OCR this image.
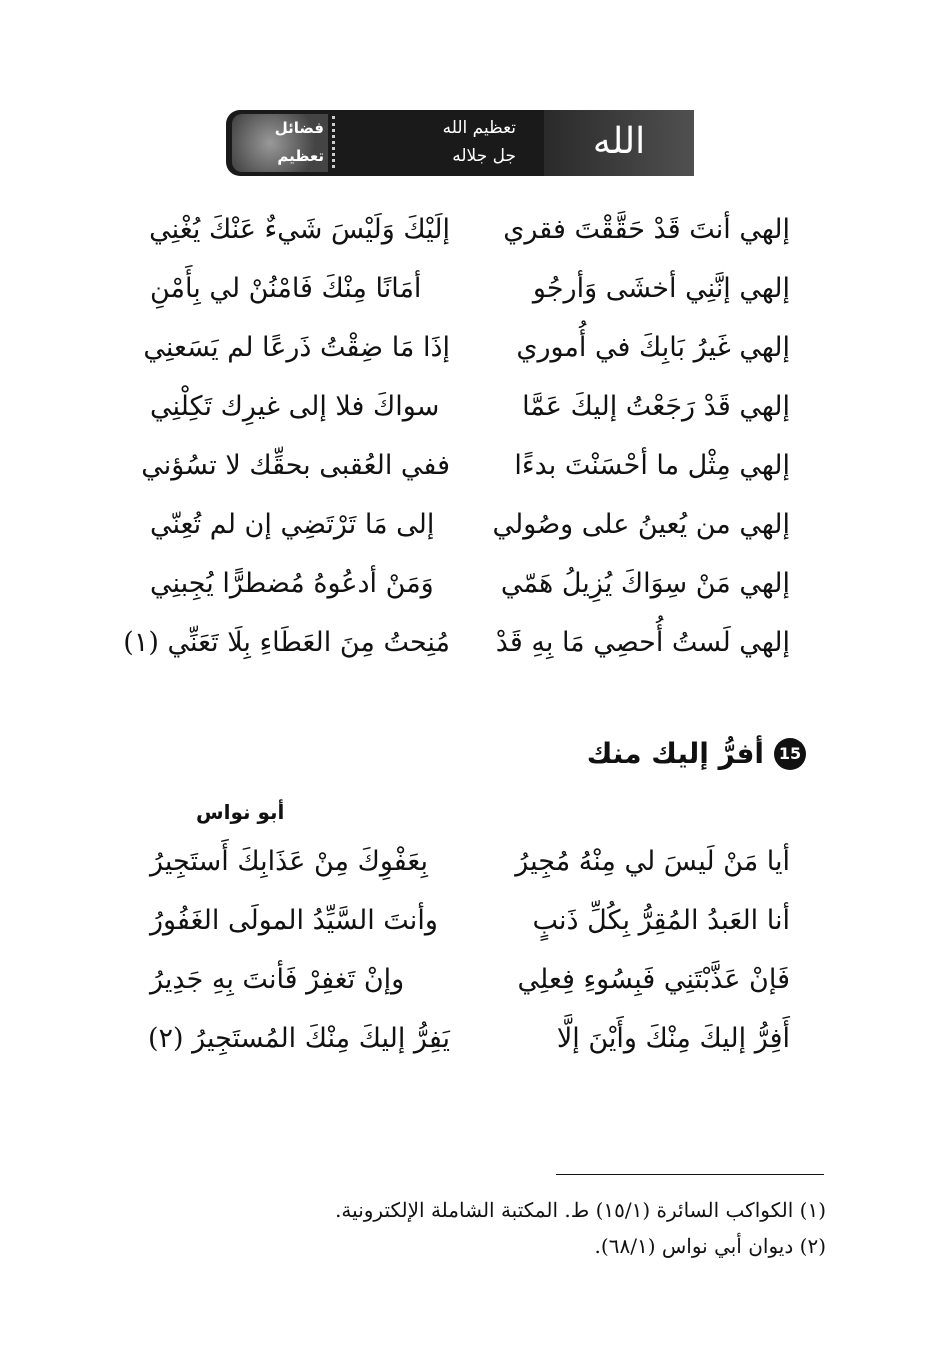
الله
تعظيم الله
جل جلاله
فضائل
تعظيم
إلهي أنتَ قَدْ حَقَّقْتَ فقري
إلَيْكَ وَلَيْسَ شَيءٌ عَنْكَ يُغْنِي
إلهي إنَّنِي أخشَى وَأرجُو
أمَانًا مِنْكَ فَامْنُنْ لي بِأَمْنِ
إلهي غَيرُ بَابِكَ في أُموري
إذَا مَا ضِقْتُ ذَرعًا لم يَسَعنِي
إلهي قَدْ رَجَعْتُ إليكَ عَمَّا
سواكَ فلا إلى غيرِك تَكِلْنِي
إلهي مِثْل ما أحْسَنْتَ بدءًا
ففي العُقبى بحقِّك لا تسُؤني
إلهي من يُعينُ على وصُولي
إلى مَا تَرْتَضِي إن لم تُعِنّي
إلهي مَنْ سِوَاكَ يُزِيلُ هَمّي
وَمَنْ أدعُوهُ مُضطرًّا يُجِبنِي
إلهي لَستُ أُحصِي مَا بِهِ قَدْ
مُنِحتُ مِنَ العَطَاءِ بِلَا تَعَنِّي (١)
15
أفرُّ إليك منك
أبو نواس
أيا مَنْ لَيسَ لي مِنْهُ مُجِيرُ
بِعَفْوِكَ مِنْ عَذَابِكَ أَستَجِيرُ
أنا العَبدُ المُقِرُّ بِكُلِّ ذَنبٍ
وأنتَ السَّيِّدُ المولَى الغَفُورُ
فَإنْ عَذَّبْتَنِي فَبِسُوءِ فِعلِي
وإنْ تَغفِرْ فَأنتَ بِهِ جَدِيرُ
أَفِرُّ إليكَ مِنْكَ وأَيْنَ إلَّا
يَفِرُّ إليكَ مِنْكَ المُستَجِيرُ (٢)
(١) الكواكب السائرة (١٥/١) ط. المكتبة الشاملة الإلكترونية.
(٢) ديوان أبي نواس (٦٨/١).
